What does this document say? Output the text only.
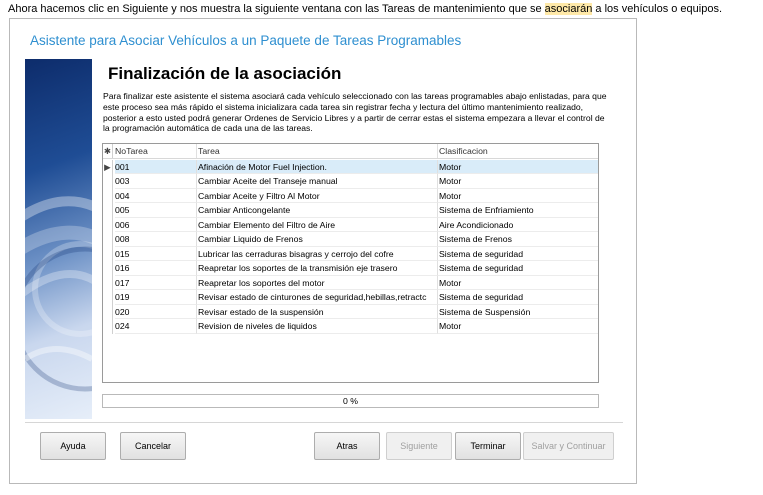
Ahora hacemos clic en Siguiente y nos muestra la siguiente ventana con las Tareas de mantenimiento que se asociarán a los vehículos o equipos.
Asistente para Asociar Vehículos a un Paquete de Tareas Programables
Finalización de la asociación
Para finalizar este asistente el sistema asociará cada vehículo seleccionado con las tareas programables abajo enlistadas, para que este proceso sea más rápido el sistema inicializara cada tarea sin registrar fecha y lectura del último mantenimiento realizado, posterior a esto usted podrá generar Ordenes de Servicio Libres y a partir de cerrar estas el sistema empezara a llevar el control de la programación automática de cada una de las tareas.
✱ NoTarea	Tarea	Clasificacion
▶ 001	Afinación de Motor Fuel Injection.	Motor
003	Cambiar Aceite del Transeje manual	Motor
004	Cambiar Aceite y Filtro Al Motor	Motor
005	Cambiar Anticongelante	Sistema de Enfriamiento
006	Cambiar Elemento del Filtro de Aire	Aire Acondicionado
008	Cambiar Liquido de Frenos	Sistema de Frenos
015	Lubricar las cerraduras bisagras y cerrojo del cofre	Sistema de seguridad
016	Reapretar los soportes de la transmisión eje trasero	Sistema de seguridad
017	Reapretar los soportes del motor	Motor
019	Revisar estado de cinturones de seguridad,hebillas,retractc	Sistema de seguridad
020	Revisar estado de la suspensión	Sistema de Suspensión
024	Revision de niveles de liquidos	Motor
0 %
Ayuda	Cancelar	Atras	Siguiente	Terminar	Salvar y Continuar
